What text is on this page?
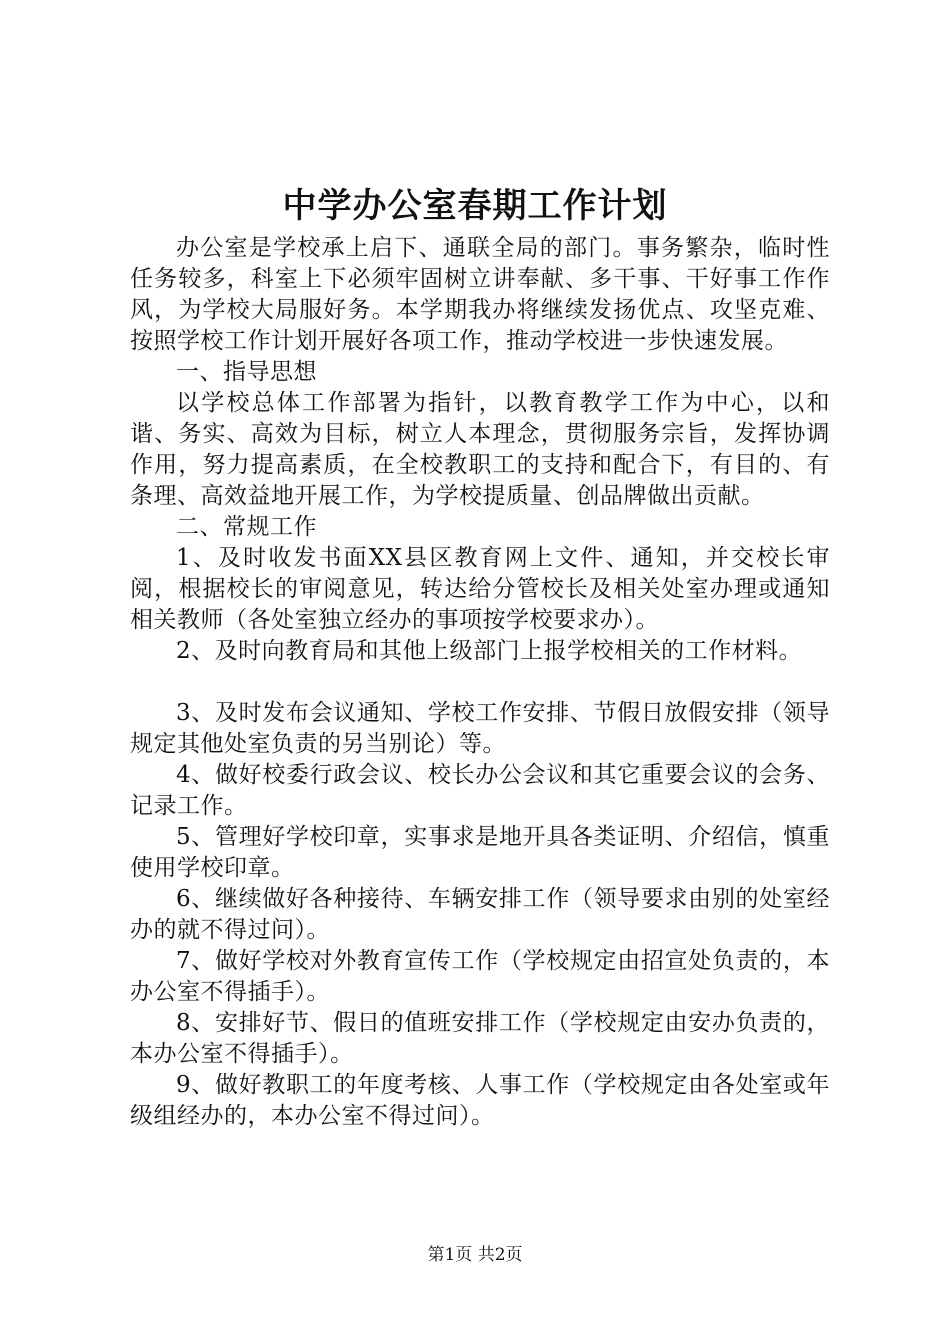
中学办公室春期工作计划

办公室是学校承上启下、通联全局的部门。事务繁杂，临时性任务较多，科室上下必须牢固树立讲奉献、多干事、干好事工作作风，为学校大局服好务。本学期我办将继续发扬优点、攻坚克难、按照学校工作计划开展好各项工作，推动学校进一步快速发展。

一、指导思想

以学校总体工作部署为指针，以教育教学工作为中心，以和谐、务实、高效为目标，树立人本理念，贯彻服务宗旨，发挥协调作用，努力提高素质，在全校教职工的支持和配合下，有目的、有条理、高效益地开展工作，为学校提质量、创品牌做出贡献。

二、常规工作

1、及时收发书面XX县区教育网上文件、通知，并交校长审阅，根据校长的审阅意见，转达给分管校长及相关处室办理或通知相关教师（各处室独立经办的事项按学校要求办）。

2、及时向教育局和其他上级部门上报学校相关的工作材料。

3、及时发布会议通知、学校工作安排、节假日放假安排（领导规定其他处室负责的另当别论）等。

4、做好校委行政会议、校长办公会议和其它重要会议的会务、记录工作。

5、管理好学校印章，实事求是地开具各类证明、介绍信，慎重使用学校印章。

6、继续做好各种接待、车辆安排工作（领导要求由别的处室经办的就不得过问）。

7、做好学校对外教育宣传工作（学校规定由招宣处负责的，本办公室不得插手）。

8、安排好节、假日的值班安排工作（学校规定由安办负责的，本办公室不得插手）。

9、做好教职工的年度考核、人事工作（学校规定由各处室或年级组经办的，本办公室不得过问）。

第1页 共2页
